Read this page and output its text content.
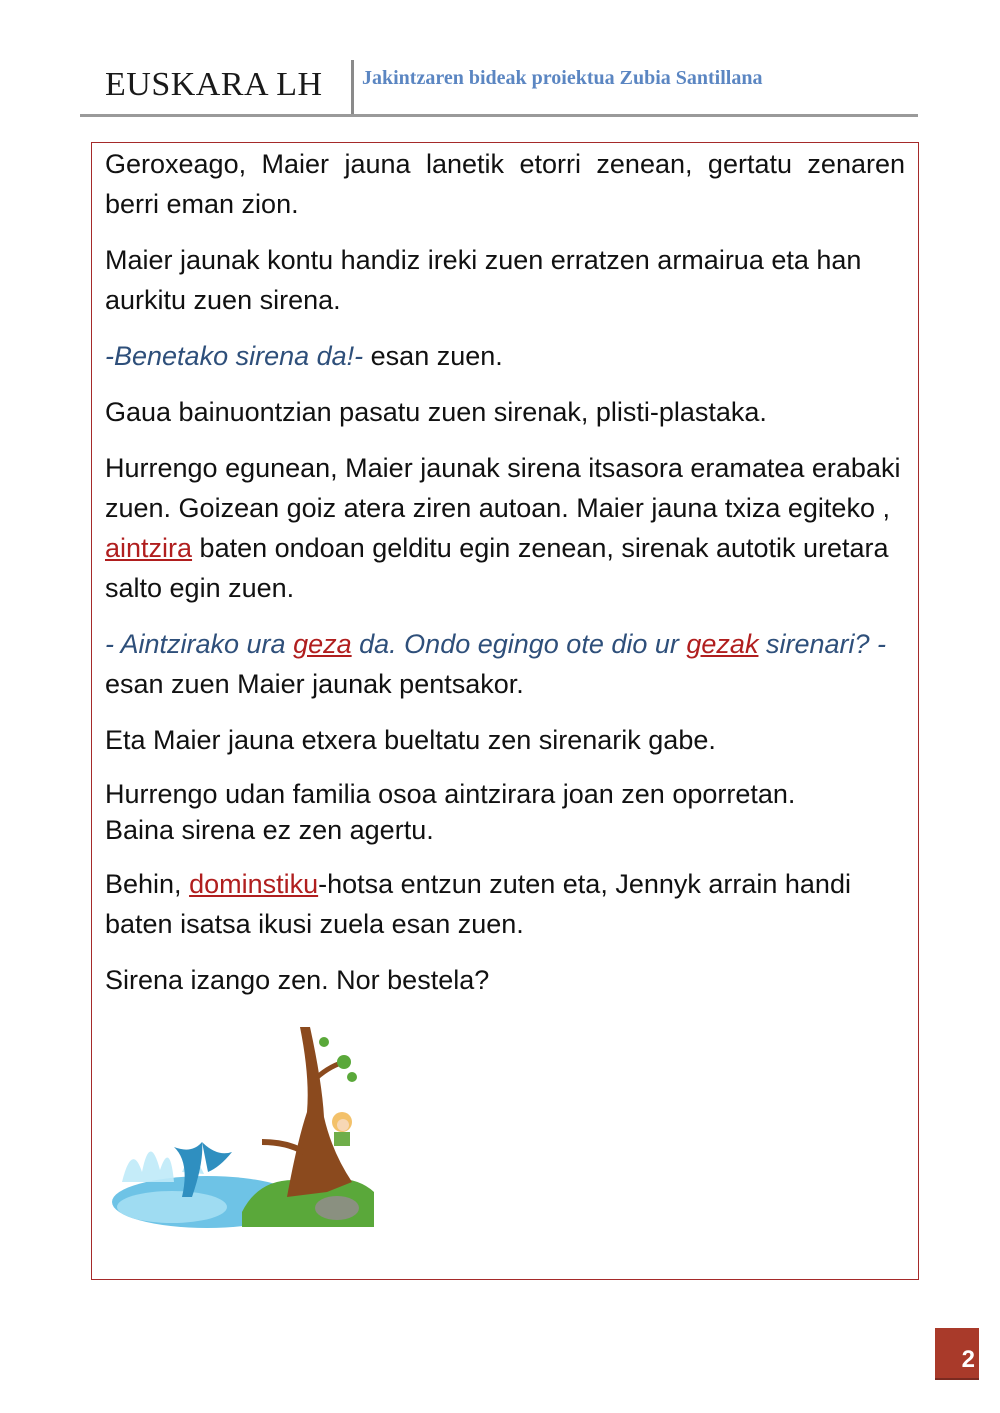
EUSKARA LH Jakintzaren bideak proiektua Zubia Santillana

Geroxeago, Maier jauna lanetik etorri zenean, gertatu zenaren berri eman zion.

Maier jaunak kontu handiz ireki zuen erratzen armairua eta han aurkitu zuen sirena.

-Benetako sirena da!- esan zuen.

Gaua bainuontzian pasatu zuen sirenak, plisti-plastaka.

Hurrengo egunean, Maier jaunak sirena itsasora eramatea erabaki zuen. Goizean goiz atera ziren autoan. Maier jauna txiza egiteko , aintzira baten ondoan gelditu egin zenean, sirenak autotik uretara salto egin zuen.

- Aintzirako ura geza da. Ondo egingo ote dio ur gezak sirenari? - esan zuen Maier jaunak pentsakor.

Eta Maier jauna etxera bueltatu zen sirenarik gabe.

Hurrengo udan familia osoa aintzirara joan zen oporretan.
Baina sirena ez zen agertu.

Behin, dominstiku-hotsa entzun zuten eta, Jennyk arrain handi baten isatsa ikusi zuela esan zuen.

Sirena izango zen. Nor bestela?

2
